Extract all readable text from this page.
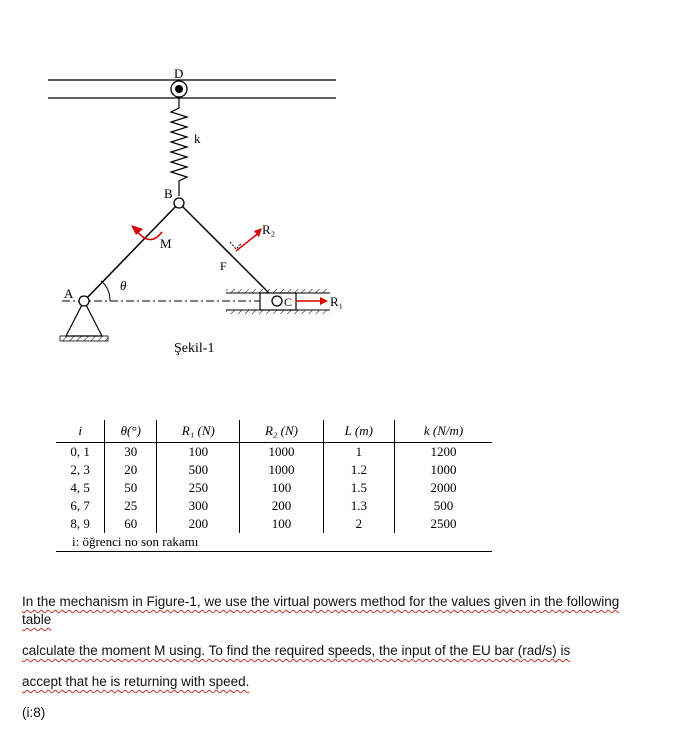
D
k
B
M
R₂
F
θ
C	R₁
A
Şekil-1
i	θ(°)	R₁ (N)	R₂ (N)	L (m)	k (N/m)
0, 1	30	100	1000	1	1200
2, 3	20	500	1000	1.2	1000
4, 5	50	250	100	1.5	2000
6, 7	25	300	200	1.3	500
8, 9	60	200	100	2	2500
i: öğrenci no son rakamı					
In the mechanism in Figure-1, we use the virtual powers method for the values given in the following
table
calculate the moment M using. To find the required speeds, the input of the EU bar (rad/s) is
accept that he is returning with speed.
(i:8)
